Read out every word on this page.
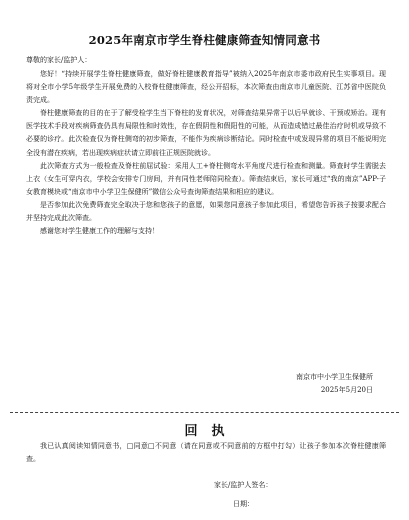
2025年南京市学生脊柱健康筛查知情同意书
尊敬的家长/监护人：

您好！“持续开展学生脊柱健康筛查，做好脊柱健康教育指导”被纳入2025年南京市委市政府民生实事项目。现将对全市小学5年级学生开展免费的入校脊柱健康筛查，经公开招标，本次筛查由南京市儿童医院、江苏省中医院负责完成。

脊柱健康筛查的目的在于了解受检学生当下脊柱的发育状况，对筛查结果异常于以后早就诊、干预或矫治。现有医学技术手段对疾病筛查仍具有局限性和时效性，存在假阴性和假阳性的可能，从而造成错过最佳治疗时机或导致不必要的诊疗。此次检查仅为脊柱侧弯的初步筛查，不能作为疾病诊断结论。同时检查中或发现异常的项目不能说明完全没有潜在疾病，若出现疾病症状请立即前往正规医院就诊。

此次筛查方式为一般检查及脊柱前屈试验：采用人工+脊柱侧弯水平角度尺进行检查和测量。筛查时学生需脱去上衣（女生可穿内衣，学校会安排专门房间，并有同性老师陪同检查）。筛查结束后，家长可通过“我的南京”APP-子女教育模块或“南京市中小学卫生保健所”微信公众号查询筛查结果和相应的建议。

是否参加此次免费筛查完全取决于您和您孩子的意愿，如果您同意孩子参加此项目，希望您告诉孩子按要求配合并坚持完成此次筛查。

感谢您对学生健康工作的理解与支持！

南京市中小学卫生保健所
2025年5月20日
回执

我已认真阅读知情同意书，□同意□不同意（请在同意或不同意前的方框中打勾）让孩子参加本次脊柱健康筛查。

家长/监护人签名：
日期：
